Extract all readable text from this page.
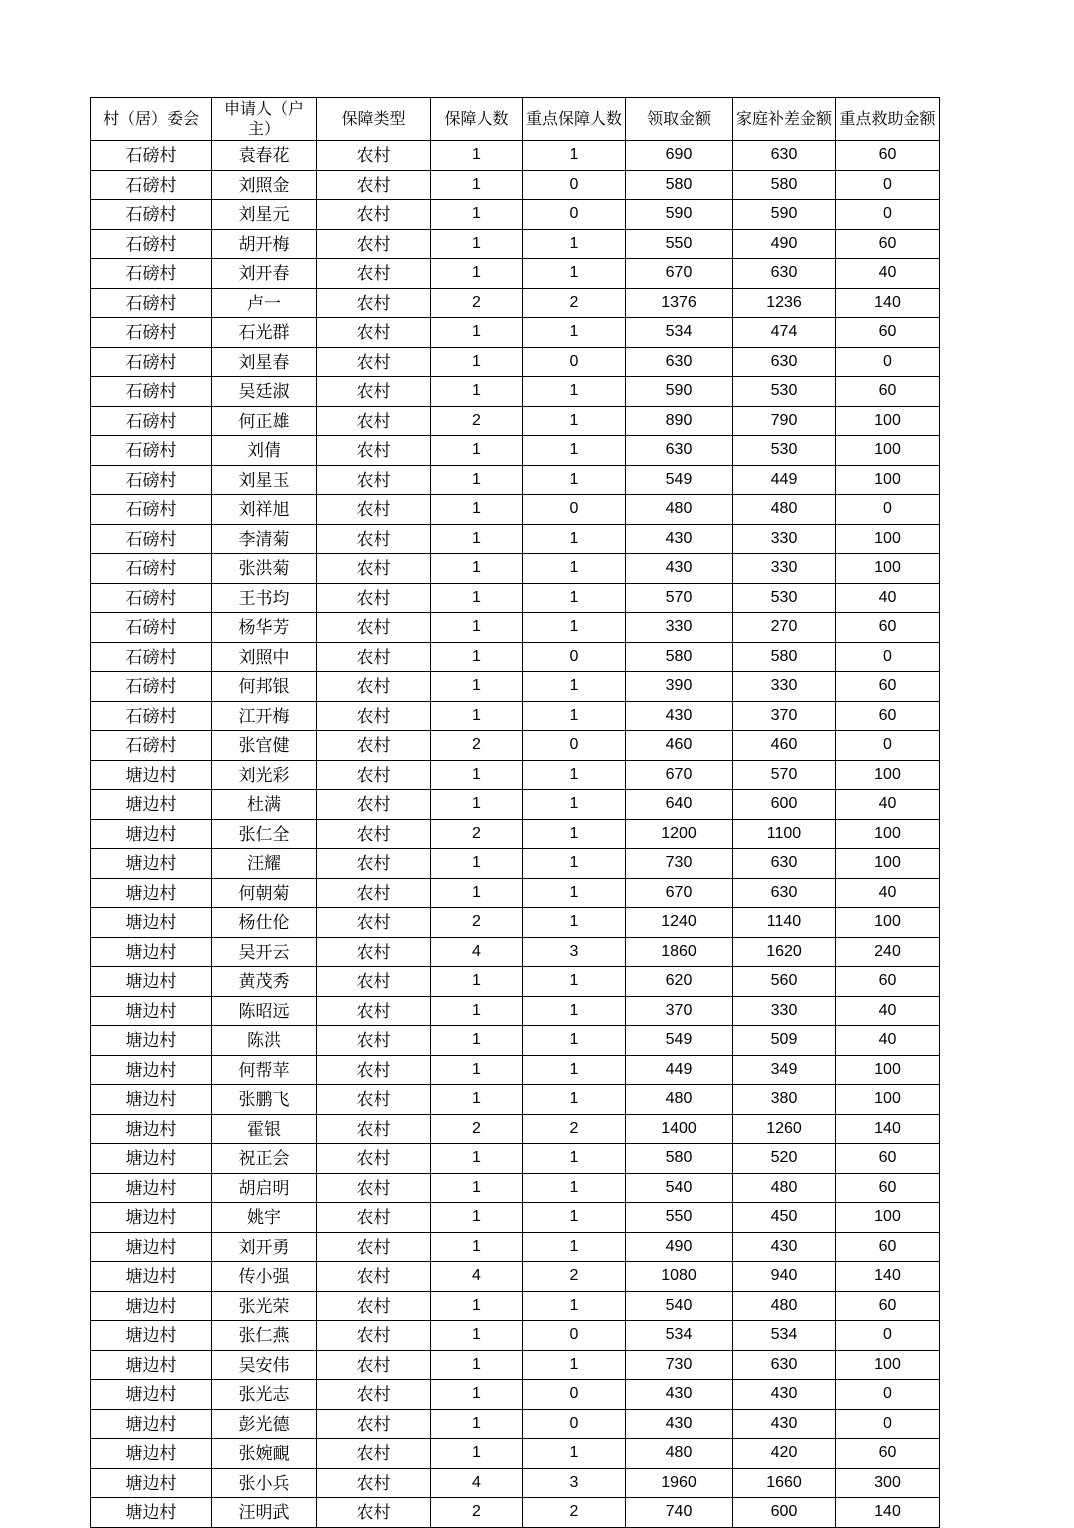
村（居）委会	申请人（户主）	保障类型	保障人数	重点保障人数	领取金额	家庭补差金额	重点救助金额
石磅村	袁春花	农村	1	1	690	630	60
石磅村	刘照金	农村	1	0	580	580	0
石磅村	刘星元	农村	1	0	590	590	0
石磅村	胡开梅	农村	1	1	550	490	60
石磅村	刘开春	农村	1	1	670	630	40
石磅村	卢一	农村	2	2	1376	1236	140
石磅村	石光群	农村	1	1	534	474	60
石磅村	刘星春	农村	1	0	630	630	0
石磅村	吴廷淑	农村	1	1	590	530	60
石磅村	何正雄	农村	2	1	890	790	100
石磅村	刘倩	农村	1	1	630	530	100
石磅村	刘星玉	农村	1	1	549	449	100
石磅村	刘祥旭	农村	1	0	480	480	0
石磅村	李清菊	农村	1	1	430	330	100
石磅村	张洪菊	农村	1	1	430	330	100
石磅村	王书均	农村	1	1	570	530	40
石磅村	杨华芳	农村	1	1	330	270	60
石磅村	刘照中	农村	1	0	580	580	0
石磅村	何邦银	农村	1	1	390	330	60
石磅村	江开梅	农村	1	1	430	370	60
石磅村	张官健	农村	2	0	460	460	0
塘边村	刘光彩	农村	1	1	670	570	100
塘边村	杜满	农村	1	1	640	600	40
塘边村	张仁全	农村	2	1	1200	1100	100
塘边村	汪耀	农村	1	1	730	630	100
塘边村	何朝菊	农村	1	1	670	630	40
塘边村	杨仕伦	农村	2	1	1240	1140	100
塘边村	吴开云	农村	4	3	1860	1620	240
塘边村	黄茂秀	农村	1	1	620	560	60
塘边村	陈昭远	农村	1	1	370	330	40
塘边村	陈洪	农村	1	1	549	509	40
塘边村	何帮苹	农村	1	1	449	349	100
塘边村	张鹏飞	农村	1	1	480	380	100
塘边村	霍银	农村	2	2	1400	1260	140
塘边村	祝正会	农村	1	1	580	520	60
塘边村	胡启明	农村	1	1	540	480	60
塘边村	姚宇	农村	1	1	550	450	100
塘边村	刘开勇	农村	1	1	490	430	60
塘边村	传小强	农村	4	2	1080	940	140
塘边村	张光荣	农村	1	1	540	480	60
塘边村	张仁燕	农村	1	0	534	534	0
塘边村	吴安伟	农村	1	1	730	630	100
塘边村	张光志	农村	1	0	430	430	0
塘边村	彭光德	农村	1	0	430	430	0
塘边村	张婉靦	农村	1	1	480	420	60
塘边村	张小兵	农村	4	3	1960	1660	300
塘边村	汪明武	农村	2	2	740	600	140
